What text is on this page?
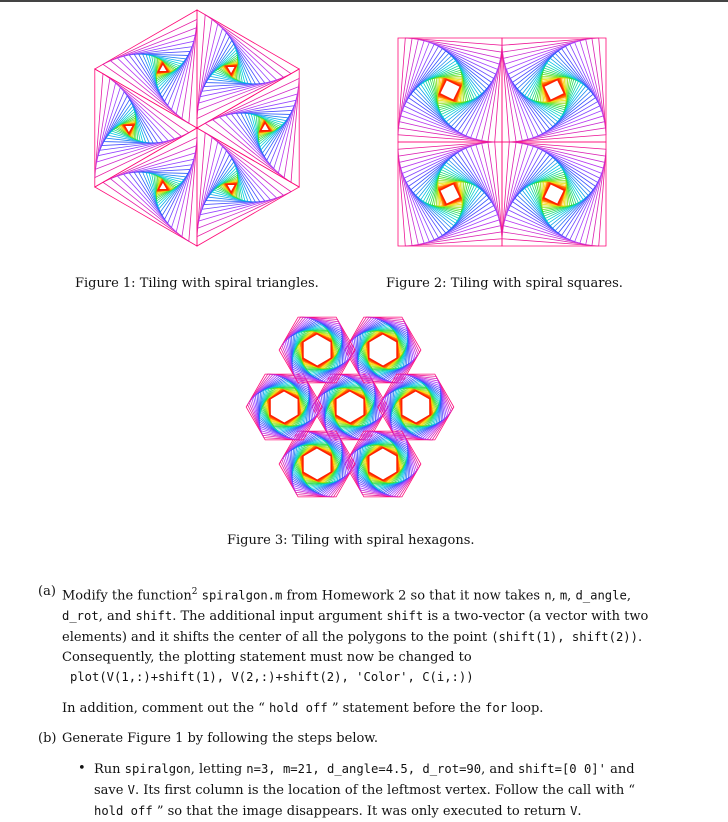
Figure 1: Tiling with spiral triangles.	Figure 2: Tiling with spiral squares.
Figure 3: Tiling with spiral hexagons.
(a) Modify the function$^2$ spiralgon.m from Homework 2 so that it now takes n, m, d_angle, d_rot, and shift. The additional input argument shift is a two-vector (a vector with two elements) and it shifts the center of all the polygons to the point (shift(1), shift(2)). Consequently, the plotting statement must now be changed to
plot(V(1,:)+shift(1), V(2,:)+shift(2), 'Color', C(i,:))
In addition, comment out the “ hold off ” statement before the for loop.
(b) Generate Figure 1 by following the steps below.
• Run spiralgon, letting n=3, m=21, d_angle=4.5, d_rot=90, and shift=[0 0]' and save V. Its first column is the location of the leftmost vertex. Follow the call with “ hold off ” so that the image disappears. It was only executed to return V.
